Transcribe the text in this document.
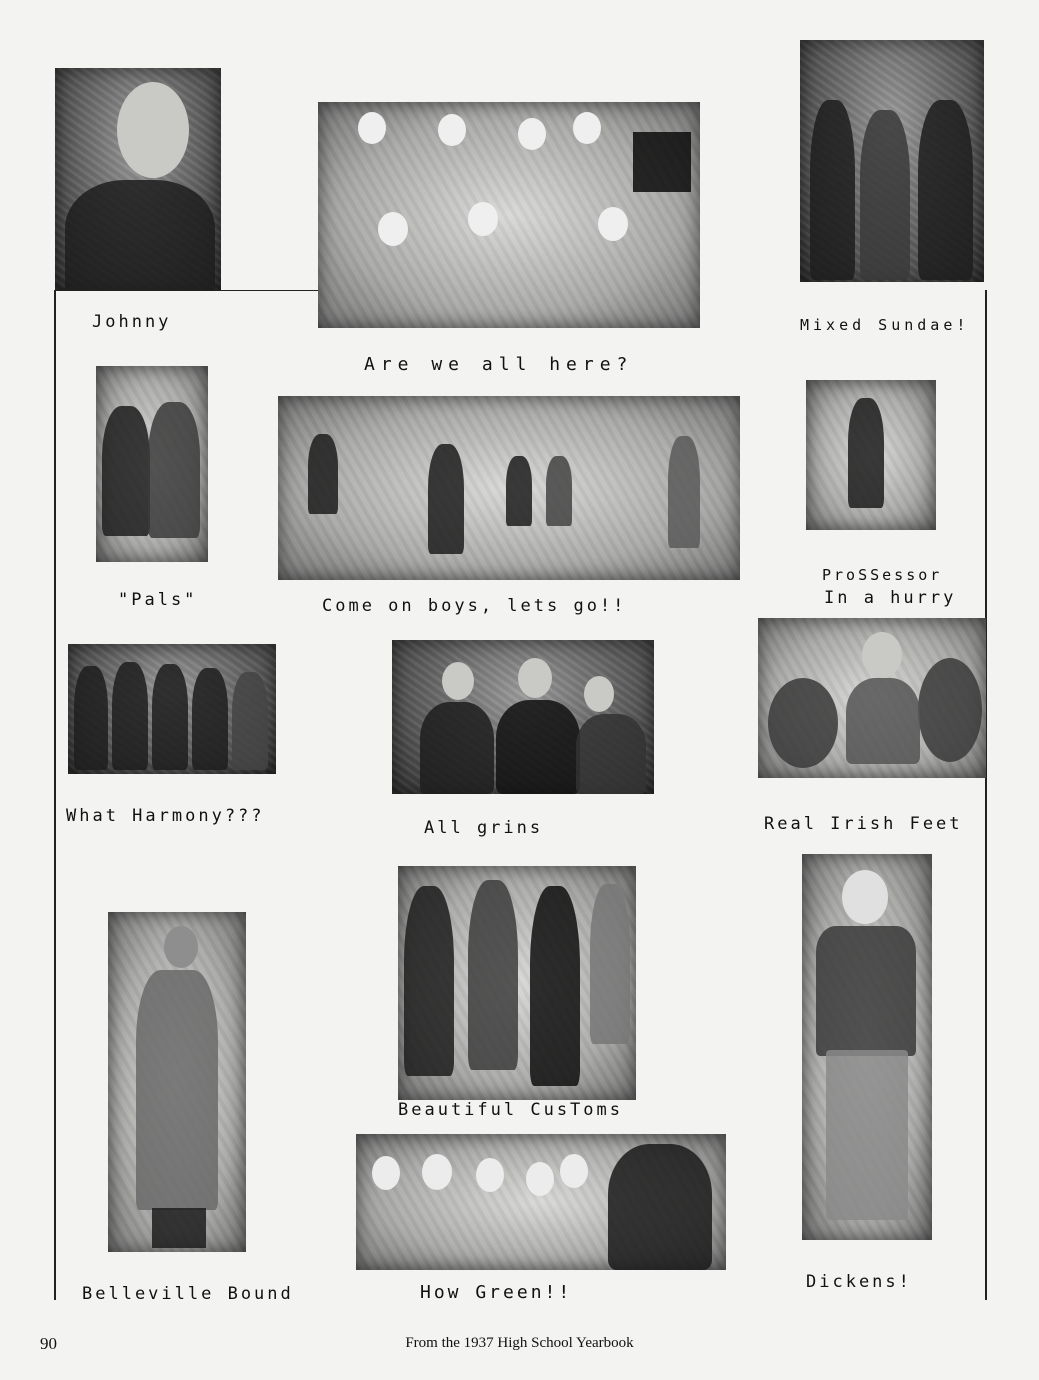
Johnny
Are we all here?
Mixed Sundae!
"Pals"	Come on boys, lets go!!
ProSSessor
In a hurry
What Harmony???
All grins	Real Irish Feet
Beautiful CusToms
Belleville Bound	How Green!!	Dickens!
90	From the 1937 High School Yearbook
